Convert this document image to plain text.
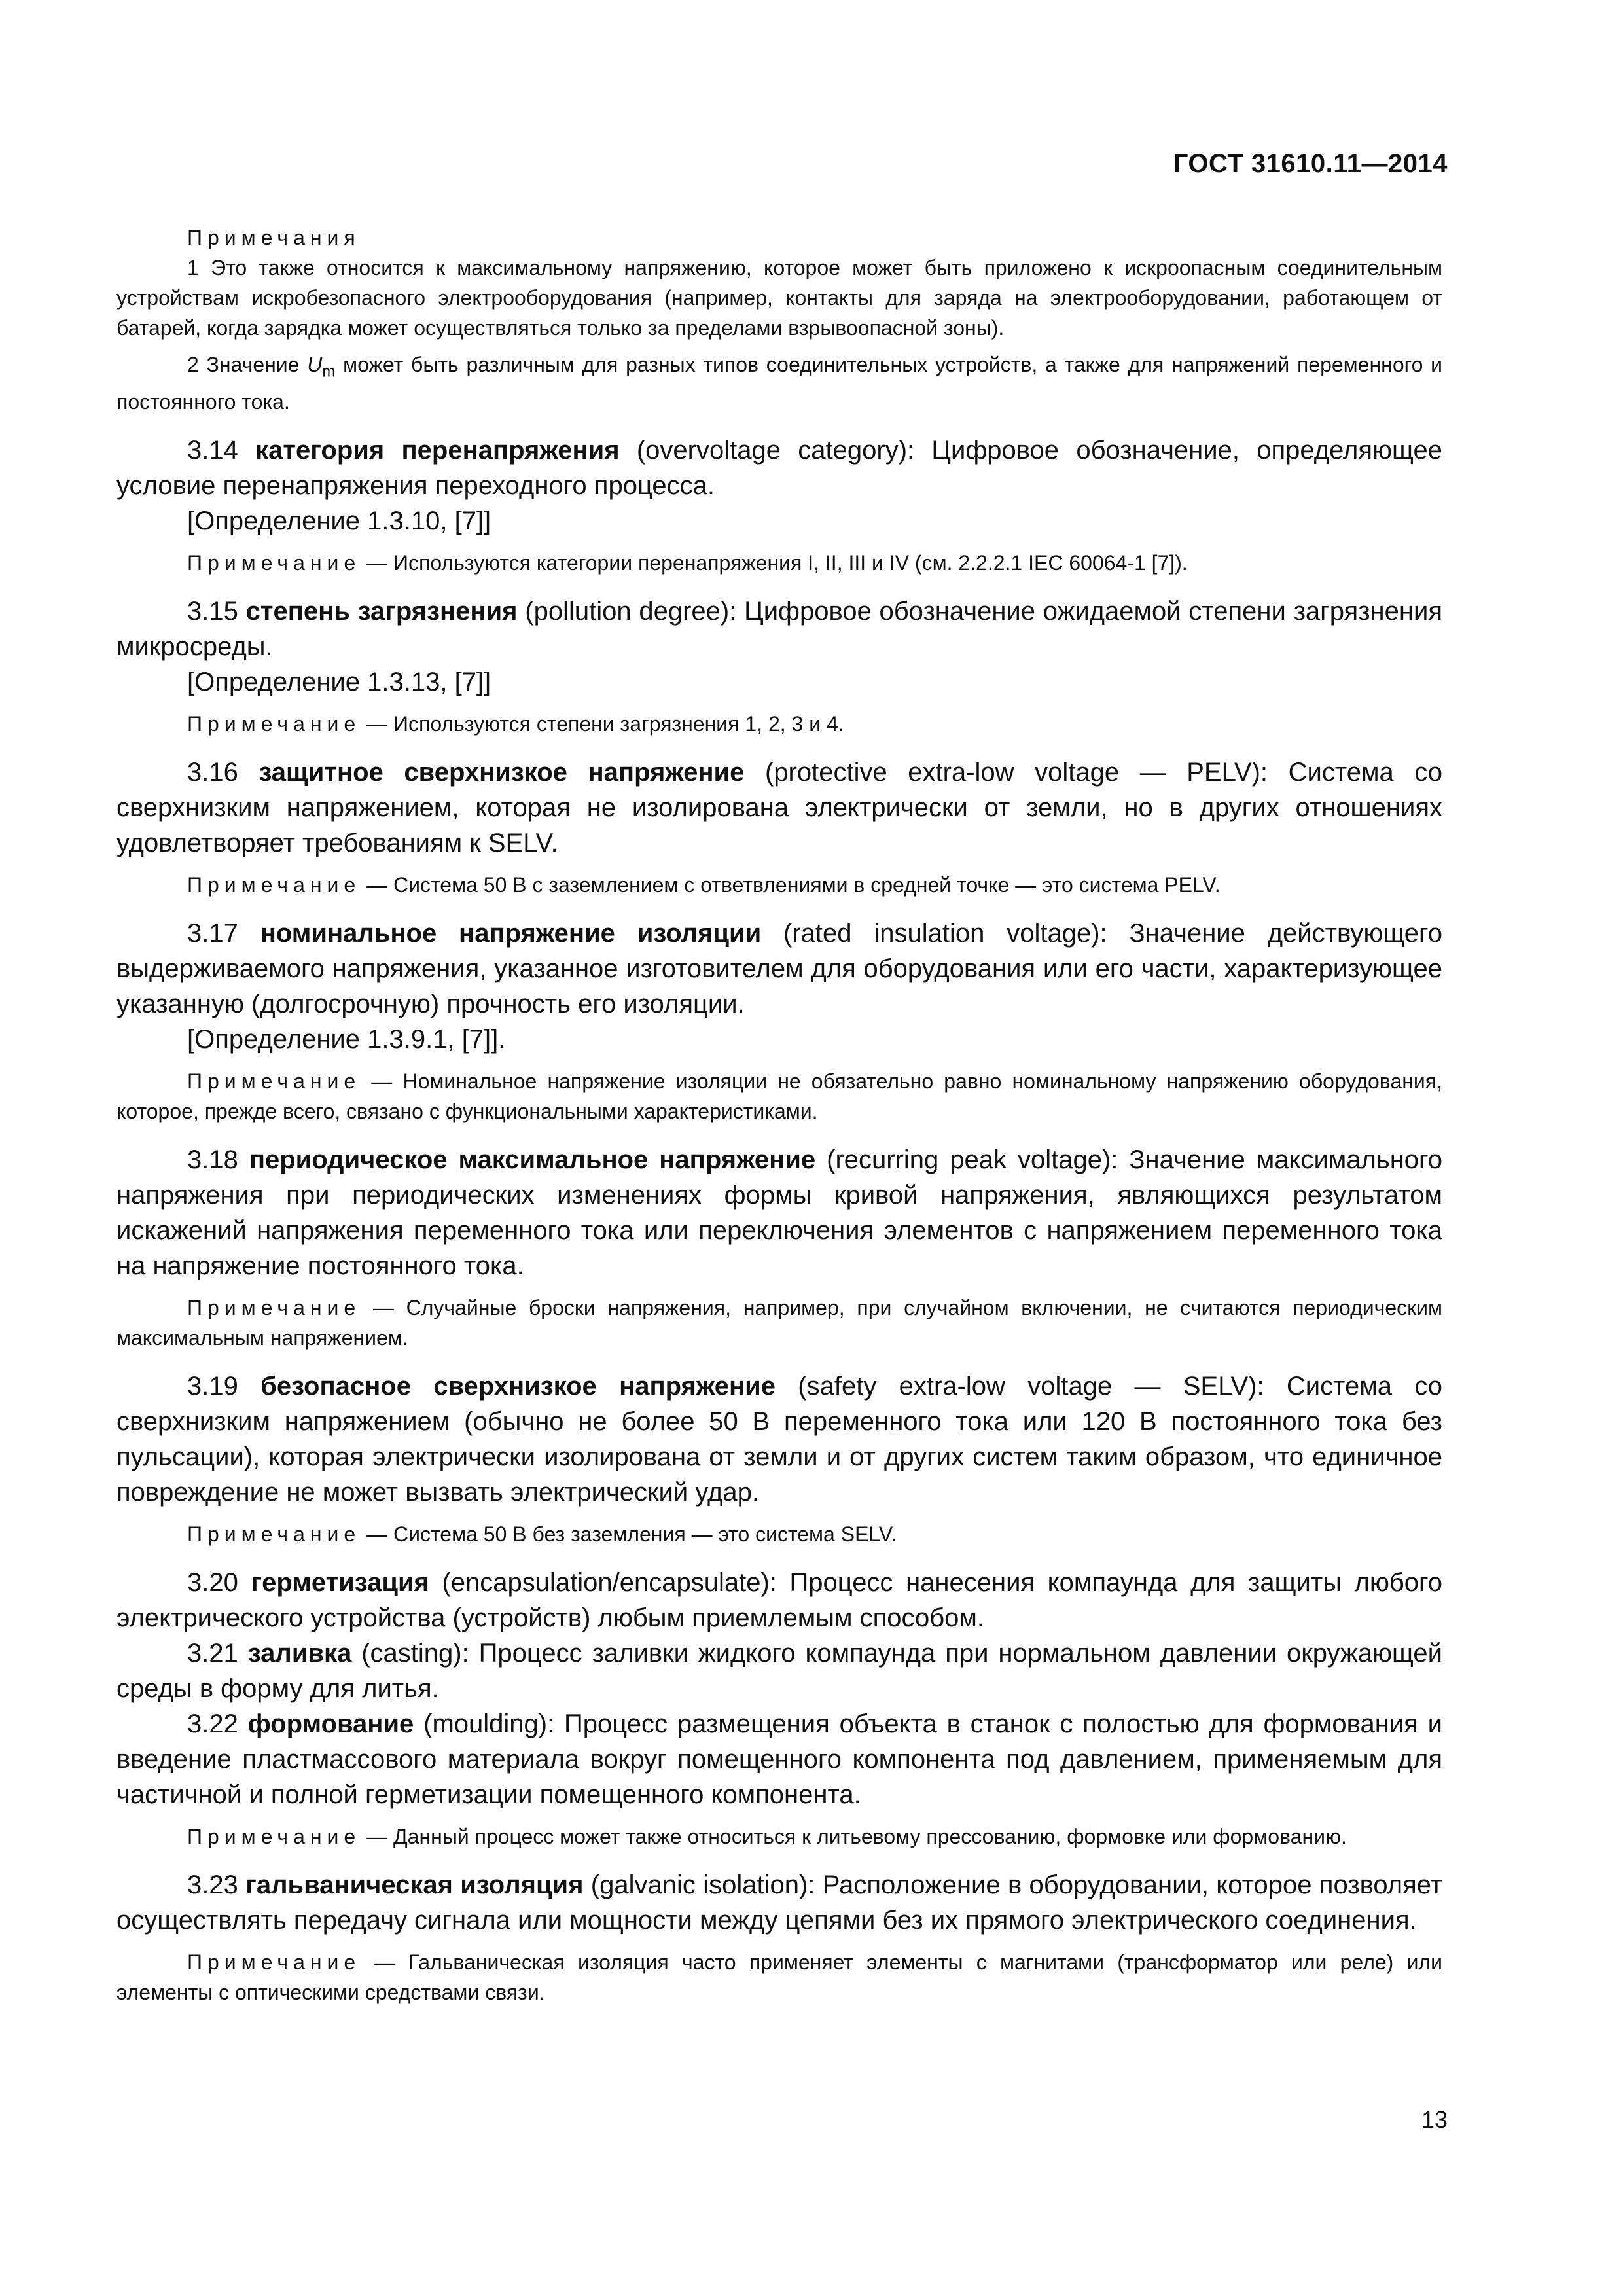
ГОСТ 31610.11—2014

Примечания

1 Это также относится к максимальному напряжению, которое может быть приложено к искроопасным соединительным устройствам искробезопасного электрооборудования (например, контакты для заряда на электрооборудовании, работающем от батарей, когда зарядка может осуществляться только за пределами взрывоопасной зоны).

2 Значение $U_m$ может быть различным для разных типов соединительных устройств, а также для напряжений переменного и постоянного тока.

3.14 категория перенапряжения (overvoltage category): Цифровое обозначение, определяющее условие перенапряжения переходного процесса.

[Определение 1.3.10, [7]]

Примечание — Используются категории перенапряжения I, II, III и IV (см. 2.2.2.1 IEC 60064-1 [7]).

3.15 степень загрязнения (pollution degree): Цифровое обозначение ожидаемой степени загрязнения микросреды.

[Определение 1.3.13, [7]]

Примечание — Используются степени загрязнения 1, 2, 3 и 4.

3.16 защитное сверхнизкое напряжение (protective extra-low voltage — PELV): Система со сверхнизким напряжением, которая не изолирована электрически от земли, но в других отношениях удовлетворяет требованиям к SELV.

Примечание — Система 50 В с заземлением с ответвлениями в средней точке — это система PELV.

3.17 номинальное напряжение изоляции (rated insulation voltage): Значение действующего выдерживаемого напряжения, указанное изготовителем для оборудования или его части, характеризующее указанную (долгосрочную) прочность его изоляции.

[Определение 1.3.9.1, [7]].

Примечание — Номинальное напряжение изоляции не обязательно равно номинальному напряжению оборудования, которое, прежде всего, связано с функциональными характеристиками.

3.18 периодическое максимальное напряжение (recurring peak voltage): Значение максимального напряжения при периодических изменениях формы кривой напряжения, являющихся результатом искажений напряжения переменного тока или переключения элементов с напряжением переменного тока на напряжение постоянного тока.

Примечание — Случайные броски напряжения, например, при случайном включении, не считаются периодическим максимальным напряжением.

3.19 безопасное сверхнизкое напряжение (safety extra-low voltage — SELV): Система со сверхнизким напряжением (обычно не более 50 В переменного тока или 120 В постоянного тока без пульсации), которая электрически изолирована от земли и от других систем таким образом, что единичное повреждение не может вызвать электрический удар.

Примечание — Система 50 В без заземления — это система SELV.

3.20 герметизация (encapsulation/encapsulate): Процесс нанесения компаунда для защиты любого электрического устройства (устройств) любым приемлемым способом.

3.21 заливка (casting): Процесс заливки жидкого компаунда при нормальном давлении окружающей среды в форму для литья.

3.22 формование (moulding): Процесс размещения объекта в станок с полостью для формования и введение пластмассового материала вокруг помещенного компонента под давлением, применяемым для частичной и полной герметизации помещенного компонента.

Примечание — Данный процесс может также относиться к литьевому прессованию, формовке или формованию.

3.23 гальваническая изоляция (galvanic isolation): Расположение в оборудовании, которое позволяет осуществлять передачу сигнала или мощности между цепями без их прямого электрического соединения.

Примечание — Гальваническая изоляция часто применяет элементы с магнитами (трансформатор или реле) или элементы с оптическими средствами связи.

13
